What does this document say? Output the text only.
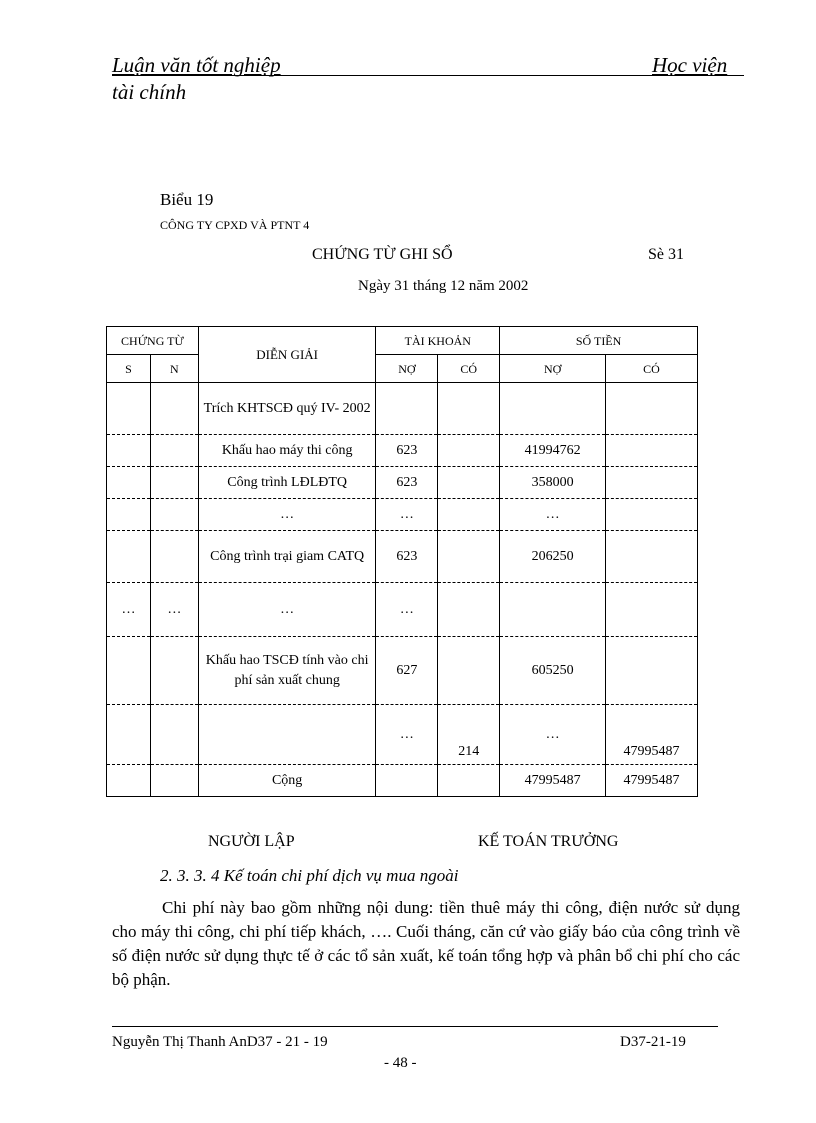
Luận văn tốt nghiệp	Học viện
tài chính
Biểu 19
CÔNG TY CPXD VÀ PTNT 4
CHỨNG TỪ GHI SỔ	Sè 31
Ngày 31 tháng 12 năm 2002
CHỨNG TỪ		DIỄN GIẢI	TÀI KHOẢN		SỐ TIỀN	
S	N		NỢ	CÓ	NỢ	CÓ
		Trích KHTSCĐ quý IV- 2002				
		Khấu hao máy thi công	623		41994762	
		Công trình LĐLĐTQ	623		358000	
		…	…		…	
		Công trình trại giam CATQ	623		206250	
…	…	…	…			
		Khấu hao TSCĐ tính vào chi phí sản xuất chung	627		605250	
			…	214	…	47995487
		Cộng			47995487	47995487
NGƯỜI LẬP	KẾ TOÁN TRƯỞNG
2. 3. 3. 4 Kế toán chi phí dịch vụ mua ngoài
Chi phí này bao gồm những nội dung: tiền thuê máy thi công, điện nước sử dụng cho máy thi công, chi phí tiếp khách, …. Cuối tháng, căn cứ vào giấy báo của công trình về số điện nước sử dụng thực tế ở các tổ sản xuất, kế toán tổng hợp và phân bổ chi phí cho các bộ phận.
Nguyễn Thị Thanh AnD37 - 21 - 19	D37-21-19
- 48 -
